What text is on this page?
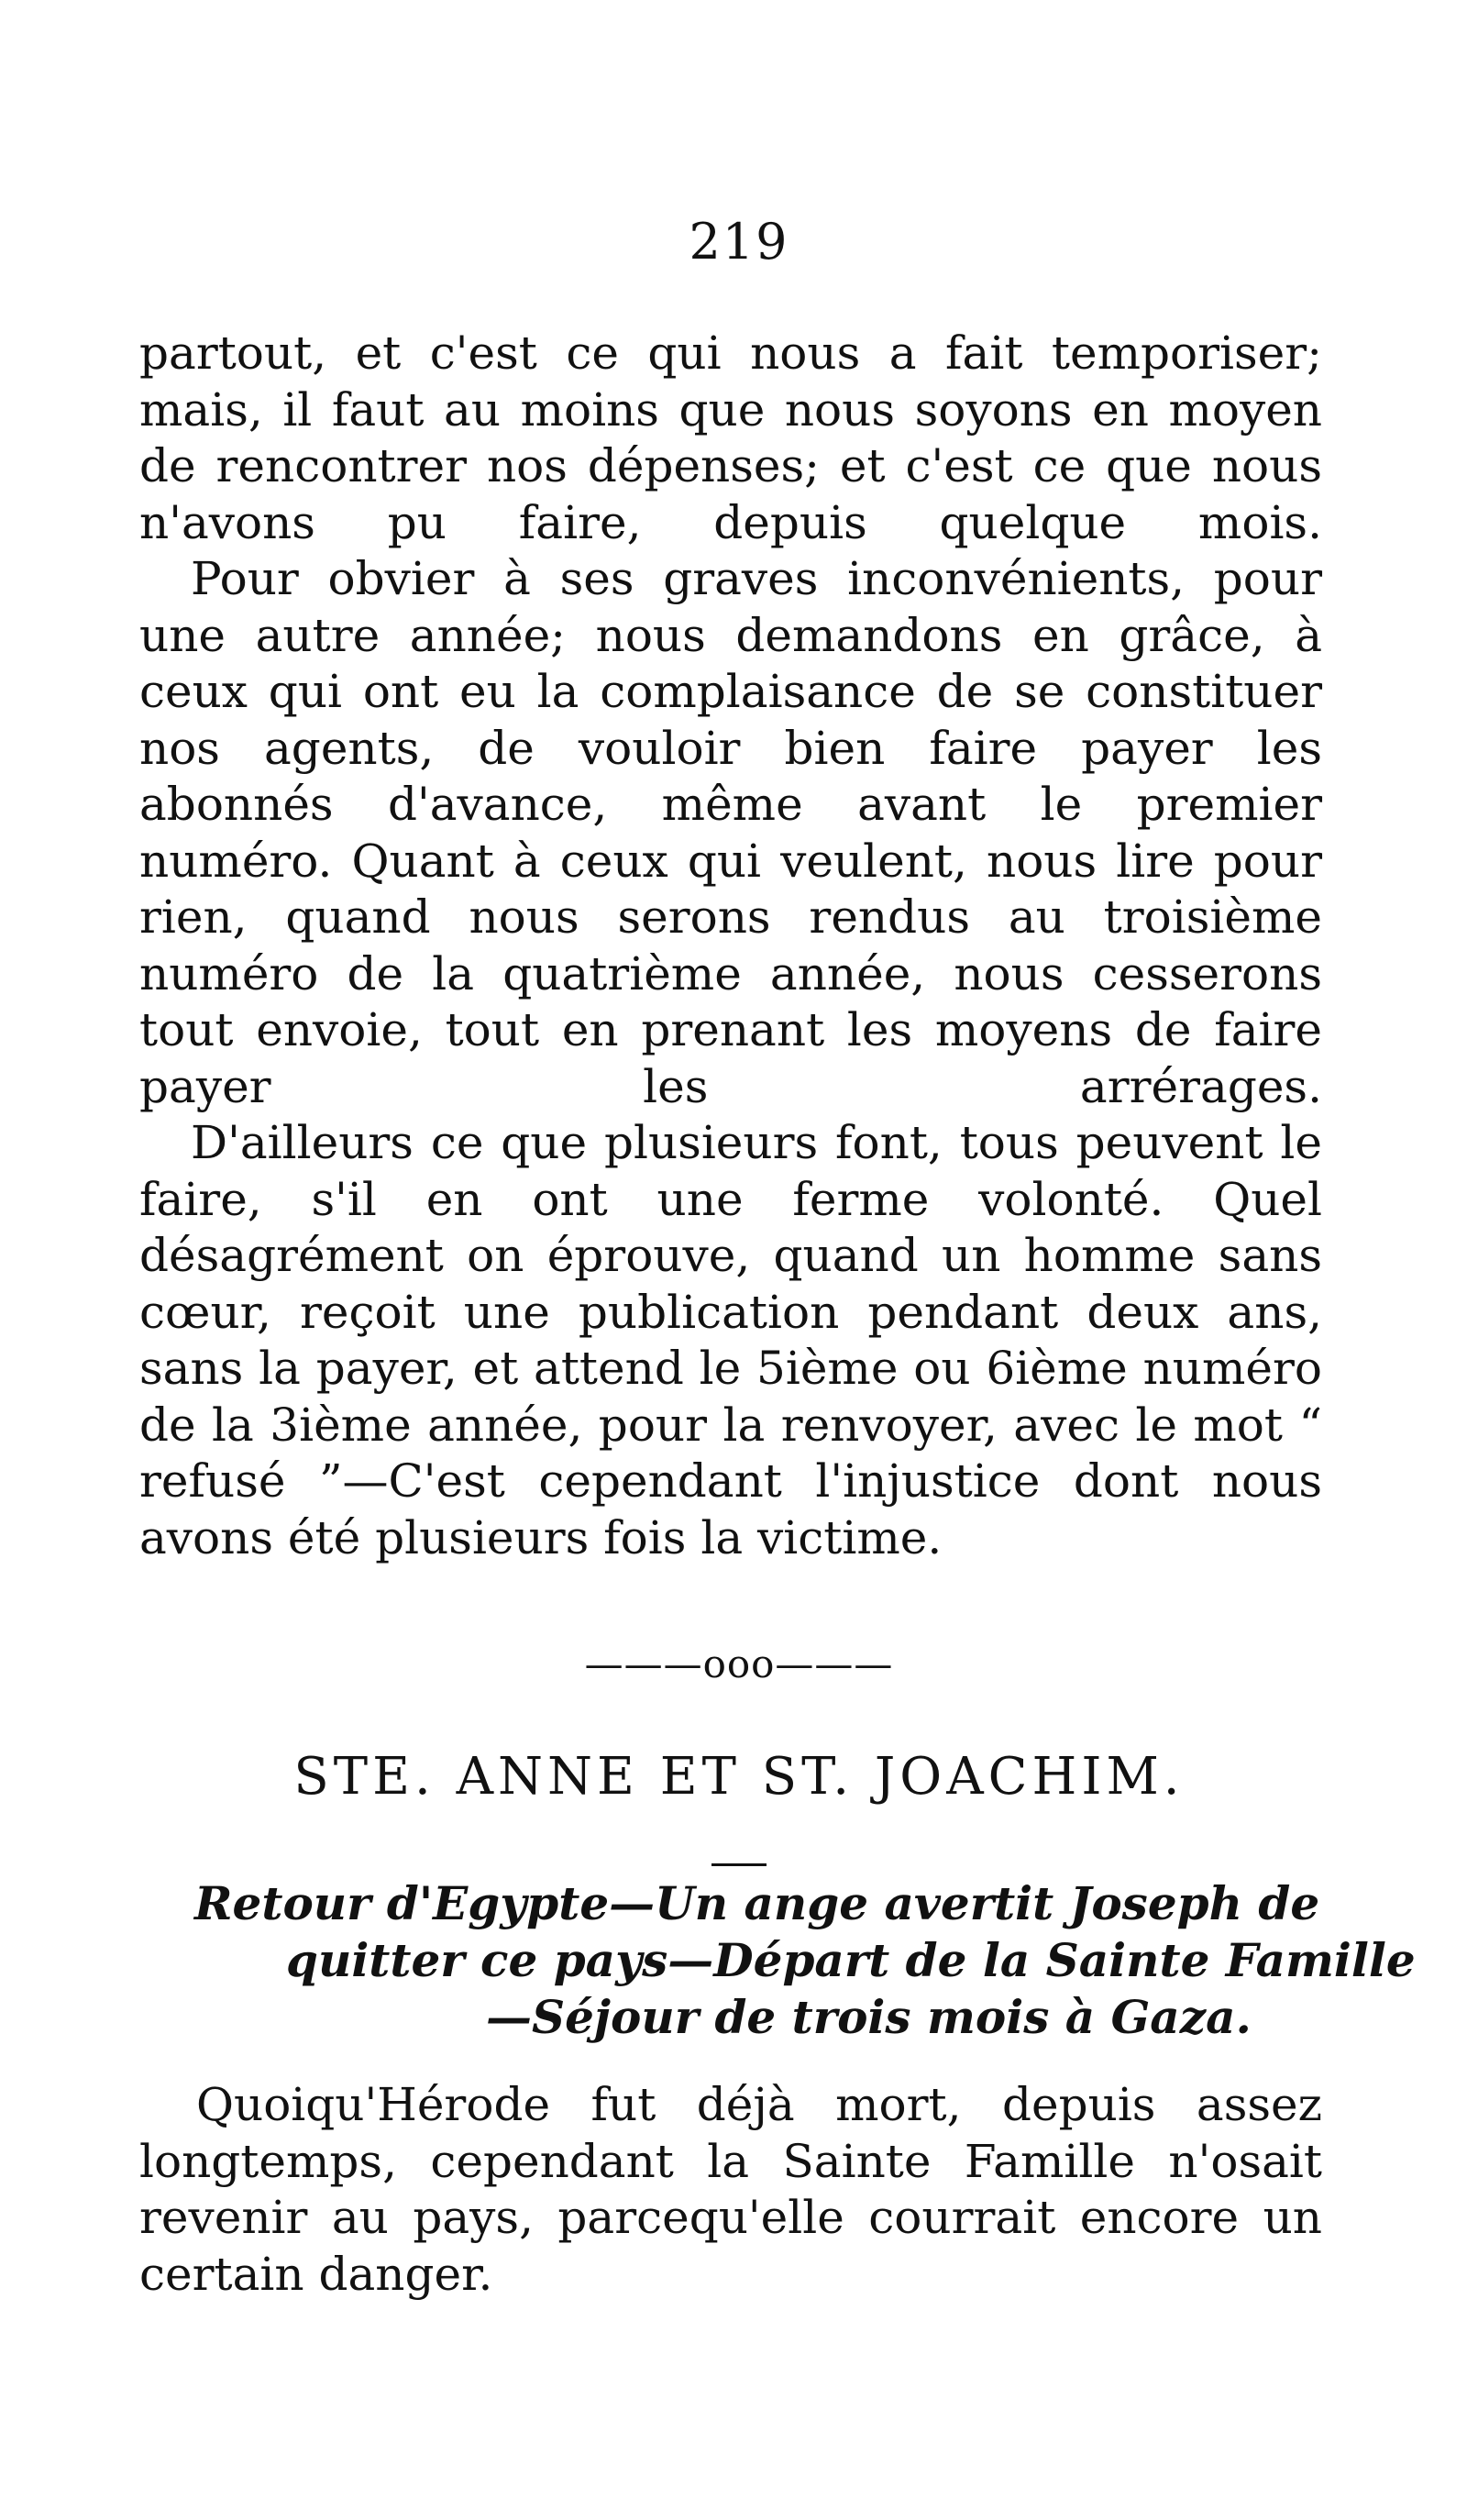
219

partout, et c'est ce qui nous a fait temporiser; mais, il faut au moins que nous soyons en moyen de rencontrer nos dépenses; et c'est ce que nous n'avons pu faire, depuis quelque mois.

Pour obvier à ses graves inconvénients, pour une autre année; nous demandons en grâce, à ceux qui ont eu la complaisance de se constituer nos agents, de vouloir bien faire payer les abonnés d'avance, même avant le premier numéro. Quant à ceux qui veulent, nous lire pour rien, quand nous serons rendus au troisième numéro de la quatrième année, nous cesserons tout envoie, tout en prenant les moyens de faire payer les arrérages.

D'ailleurs ce que plusieurs font, tous peuvent le faire, s'il en ont une ferme volonté. Quel désagrément on éprouve, quand un homme sans cœur, reçoit une publication pendant deux ans, sans la payer, et attend le 5ième ou 6ième numéro de la 3ième année, pour la renvoyer, avec le mot “ refusé ”—C'est cependant l'injustice dont nous avons été plusieurs fois la victime.

———ooo———
STE. ANNE ET ST. JOACHIM.
Retour d'Egypte—Un ange avertit Joseph de
quitter ce pays—Départ de la Sainte Famille
—Séjour de trois mois à Gaza.

Quoiqu'Hérode fut déjà mort, depuis assez longtemps, cependant la Sainte Famille n'osait revenir au pays, parcequ'elle courrait encore un certain danger.
